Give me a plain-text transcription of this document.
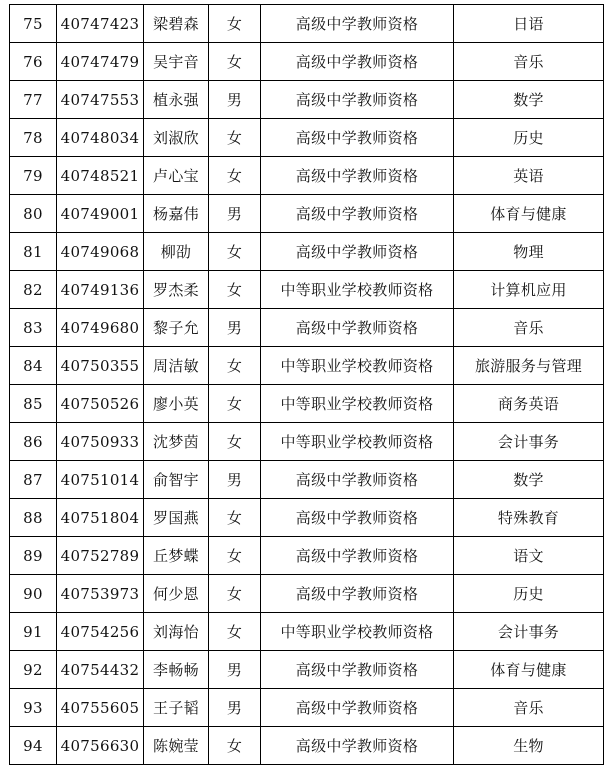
75	40747423	梁碧森	女	高级中学教师资格	日语
76	40747479	吴宇音	女	高级中学教师资格	音乐
77	40747553	植永强	男	高级中学教师资格	数学
78	40748034	刘淑欣	女	高级中学教师资格	历史
79	40748521	卢心宝	女	高级中学教师资格	英语
80	40749001	杨嘉伟	男	高级中学教师资格	体育与健康
81	40749068	柳劭	女	高级中学教师资格	物理
82	40749136	罗杰柔	女	中等职业学校教师资格	计算机应用
83	40749680	黎子允	男	高级中学教师资格	音乐
84	40750355	周洁敏	女	中等职业学校教师资格	旅游服务与管理
85	40750526	廖小英	女	中等职业学校教师资格	商务英语
86	40750933	沈梦茵	女	中等职业学校教师资格	会计事务
87	40751014	俞智宇	男	高级中学教师资格	数学
88	40751804	罗国燕	女	高级中学教师资格	特殊教育
89	40752789	丘梦蝶	女	高级中学教师资格	语文
90	40753973	何少恩	女	高级中学教师资格	历史
91	40754256	刘海怡	女	中等职业学校教师资格	会计事务
92	40754432	李畅畅	男	高级中学教师资格	体育与健康
93	40755605	王子韬	男	高级中学教师资格	音乐
94	40756630	陈婉莹	女	高级中学教师资格	生物
